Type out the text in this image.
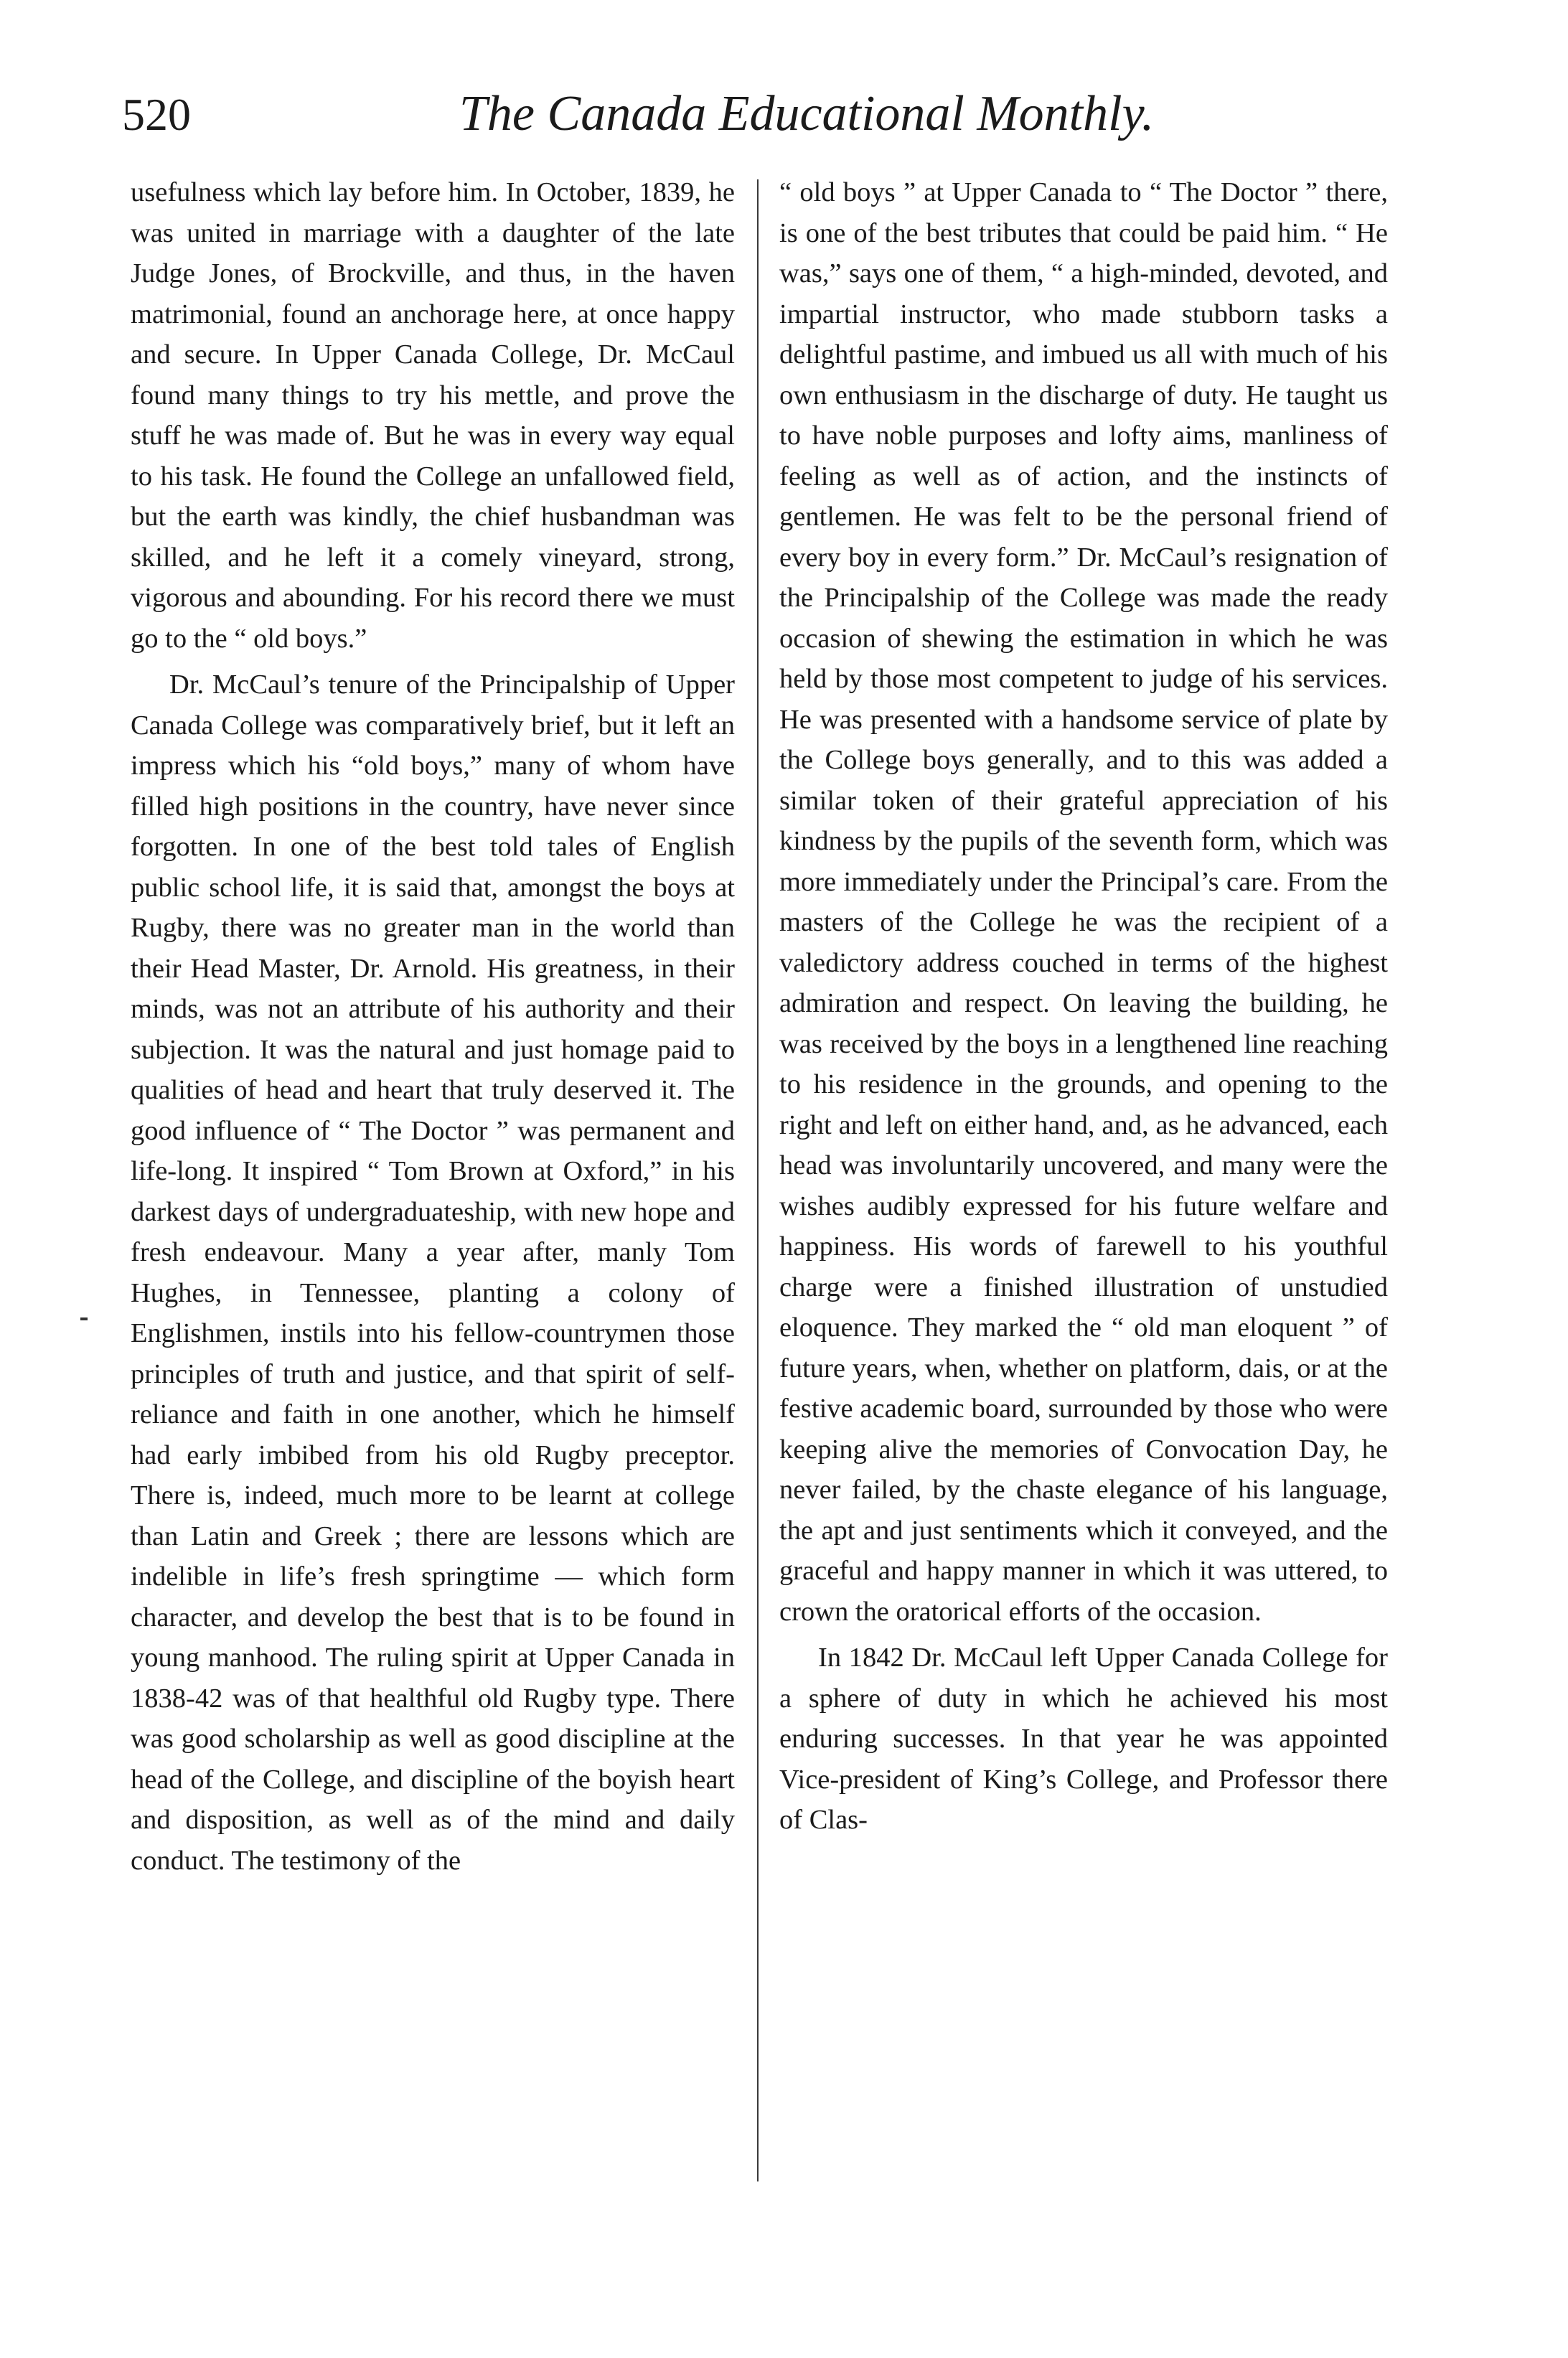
520	The Canada Educational Monthly.

usefulness which lay before him. In October, 1839, he was united in marriage with a daughter of the late Judge Jones, of Brockville, and thus, in the haven matrimonial, found an anchorage here, at once happy and secure. In Upper Canada College, Dr. McCaul found many things to try his mettle, and prove the stuff he was made of. But he was in every way equal to his task. He found the College an unfallowed field, but the earth was kindly, the chief husbandman was skilled, and he left it a comely vineyard, strong, vigorous and abounding. For his record there we must go to the “ old boys.”

Dr. McCaul’s tenure of the Principalship of Upper Canada College was comparatively brief, but it left an impress which his “old boys,” many of whom have filled high positions in the country, have never since forgotten. In one of the best told tales of English public school life, it is said that, amongst the boys at Rugby, there was no greater man in the world than their Head Master, Dr. Arnold. His greatness, in their minds, was not an attribute of his authority and their subjection. It was the natural and just homage paid to qualities of head and heart that truly deserved it. The good influence of “ The Doctor ” was permanent and life-long. It inspired “ Tom Brown at Oxford,” in his darkest days of undergraduateship, with new hope and fresh endeavour. Many a year after, manly Tom Hughes, in Tennessee, planting a colony of Englishmen, instils into his fellow-countrymen those principles of truth and justice, and that spirit of self-reliance and faith in one another, which he himself had early imbibed from his old Rugby preceptor. There is, indeed, much more to be learnt at college than Latin and Greek ; there are lessons which are indelible in life’s fresh springtime — which form character, and develop the best that is to be found in young manhood. The ruling spirit at Upper Canada in 1838-42 was of that healthful old Rugby type. There was good scholarship as well as good discipline at the head of the College, and discipline of the boyish heart and disposition, as well as of the mind and daily conduct. The testimony of the

“ old boys ” at Upper Canada to “ The Doctor ” there, is one of the best tributes that could be paid him. “ He was,” says one of them, “ a high-minded, devoted, and impartial instructor, who made stubborn tasks a delightful pastime, and imbued us all with much of his own enthusiasm in the discharge of duty. He taught us to have noble purposes and lofty aims, manliness of feeling as well as of action, and the instincts of gentlemen. He was felt to be the personal friend of every boy in every form.” Dr. McCaul’s resignation of the Principalship of the College was made the ready occasion of shewing the estimation in which he was held by those most competent to judge of his services. He was presented with a handsome service of plate by the College boys generally, and to this was added a similar token of their grateful appreciation of his kindness by the pupils of the seventh form, which was more immediately under the Principal’s care. From the masters of the College he was the recipient of a valedictory address couched in terms of the highest admiration and respect. On leaving the building, he was received by the boys in a lengthened line reaching to his residence in the grounds, and opening to the right and left on either hand, and, as he advanced, each head was involuntarily uncovered, and many were the wishes audibly expressed for his future welfare and happiness. His words of farewell to his youthful charge were a finished illustration of unstudied eloquence. They marked the “ old man eloquent ” of future years, when, whether on platform, dais, or at the festive academic board, surrounded by those who were keeping alive the memories of Convocation Day, he never failed, by the chaste elegance of his language, the apt and just sentiments which it conveyed, and the graceful and happy manner in which it was uttered, to crown the oratorical efforts of the occasion.

In 1842 Dr. McCaul left Upper Canada College for a sphere of duty in which he achieved his most enduring successes. In that year he was appointed Vice-president of King’s College, and Professor there of Clas-
